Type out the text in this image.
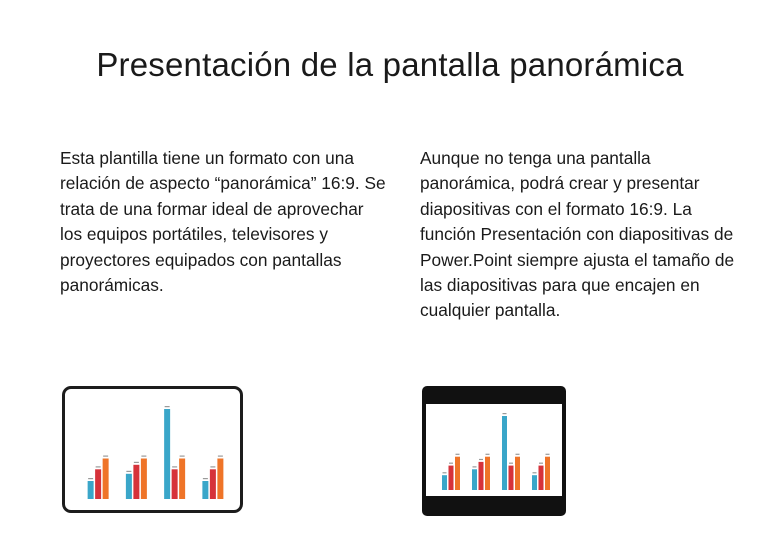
Presentación de la pantalla panorámica

Esta plantilla tiene un formato con una relación de aspecto “panorámica” 16:9. Se trata de una formar ideal de aprovechar los equipos portátiles, televisores y proyectores equipados con pantallas panorámicas.

Aunque no tenga una pantalla panorámica, podrá crear y presentar diapositivas con el formato 16:9. La función Presentación con diapositivas de Power.Point siempre ajusta el tamaño de las diapositivas para que encajen en cualquier pantalla.
